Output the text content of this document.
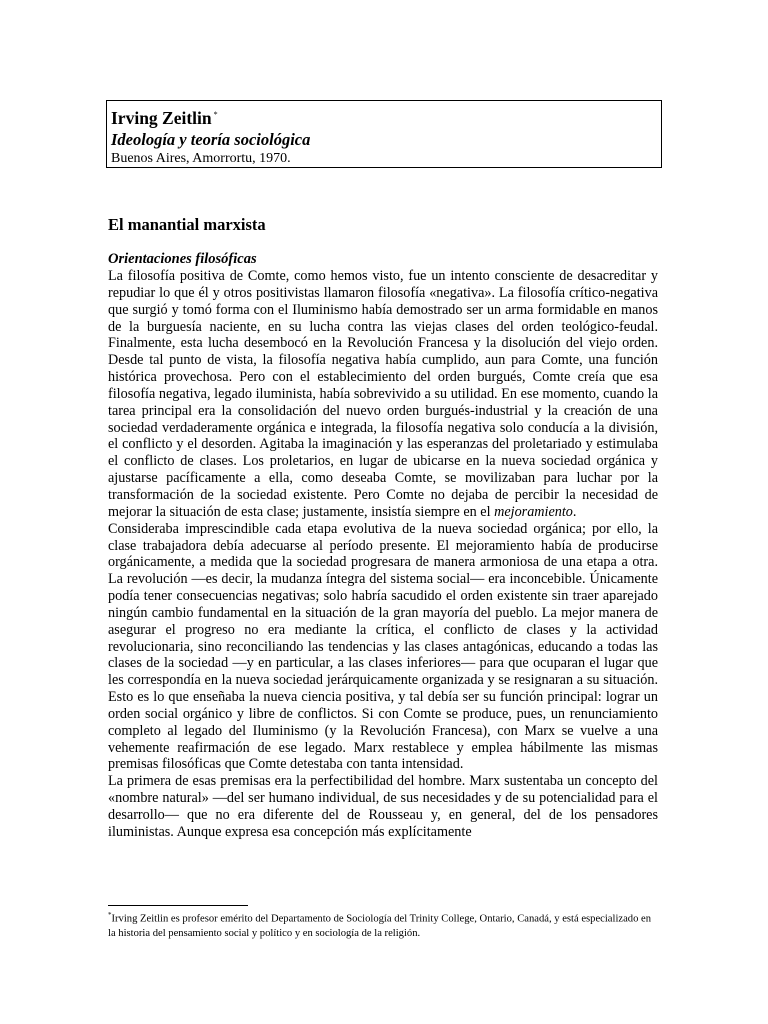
Irving Zeitlin *
Ideología y teoría sociológica
Buenos Aires, Amorrortu, 1970.
El manantial marxista
Orientaciones filosóficas

La filosofía positiva de Comte, como hemos visto, fue un intento consciente de desacreditar y repudiar lo que él y otros positivistas llamaron filosofía «negativa». La filosofía crítico-negativa que surgió y tomó forma con el Iluminismo había demostrado ser un arma formidable en manos de la burguesía naciente, en su lucha contra las viejas clases del orden teológico-feudal. Finalmente, esta lucha desembocó en la Revolución Francesa y la disolución del viejo orden. Desde tal punto de vista, la filosofía negativa había cumplido, aun para Comte, una función histórica provechosa. Pero con el establecimiento del orden burgués, Comte creía que esa filosofía negativa, legado iluminista, había sobrevivido a su utilidad. En ese momento, cuando la tarea principal era la consolidación del nuevo orden burgués-industrial y la creación de una sociedad verdaderamente orgánica e integrada, la filosofía negativa solo conducía a la división, el conflicto y el desorden. Agitaba la imaginación y las esperanzas del proletariado y estimulaba el conflicto de clases. Los proletarios, en lugar de ubicarse en la nueva sociedad orgánica y ajustarse pacíficamente a ella, como deseaba Comte, se movilizaban para luchar por la transformación de la sociedad existente. Pero Comte no dejaba de percibir la necesidad de mejorar la situación de esta clase; justamente, insistía siempre en el mejoramiento.

Consideraba imprescindible cada etapa evolutiva de la nueva sociedad orgánica; por ello, la clase trabajadora debía adecuarse al período presente. El mejoramiento había de producirse orgánicamente, a medida que la sociedad progresara de manera armoniosa de una etapa a otra. La revolución —es decir, la mudanza íntegra del sistema social— era inconcebible. Únicamente podía tener consecuencias negativas; solo habría sacudido el orden existente sin traer aparejado ningún cambio fundamental en la situación de la gran mayoría del pueblo. La mejor manera de asegurar el progreso no era mediante la crítica, el conflicto de clases y la actividad revolucionaria, sino reconciliando las tendencias y las clases antagónicas, educando a todas las clases de la sociedad —y en particular, a las clases inferiores— para que ocuparan el lugar que les correspondía en la nueva sociedad jerárquicamente organizada y se resignaran a su situación. Esto es lo que enseñaba la nueva ciencia positiva, y tal debía ser su función principal: lograr un orden social orgánico y libre de conflictos. Si con Comte se produce, pues, un renunciamiento completo al legado del Iluminismo (y la Revolución Francesa), con Marx se vuelve a una vehemente reafirmación de ese legado. Marx restablece y emplea hábilmente las mismas premisas filosóficas que Comte detestaba con tanta intensidad.

La primera de esas premisas era la perfectibilidad del hombre. Marx sustentaba un concepto del «nombre natural» —del ser humano individual, de sus necesidades y de su potencialidad para el desarrollo— que no era diferente del de Rousseau y, en general, del de los pensadores iluministas. Aunque expresa esa concepción más explícitamente

*Irving Zeitlin es profesor emérito del Departamento de Sociología del Trinity College, Ontario, Canadá, y está especializado en la historia del pensamiento social y político y en sociología de la religión.
